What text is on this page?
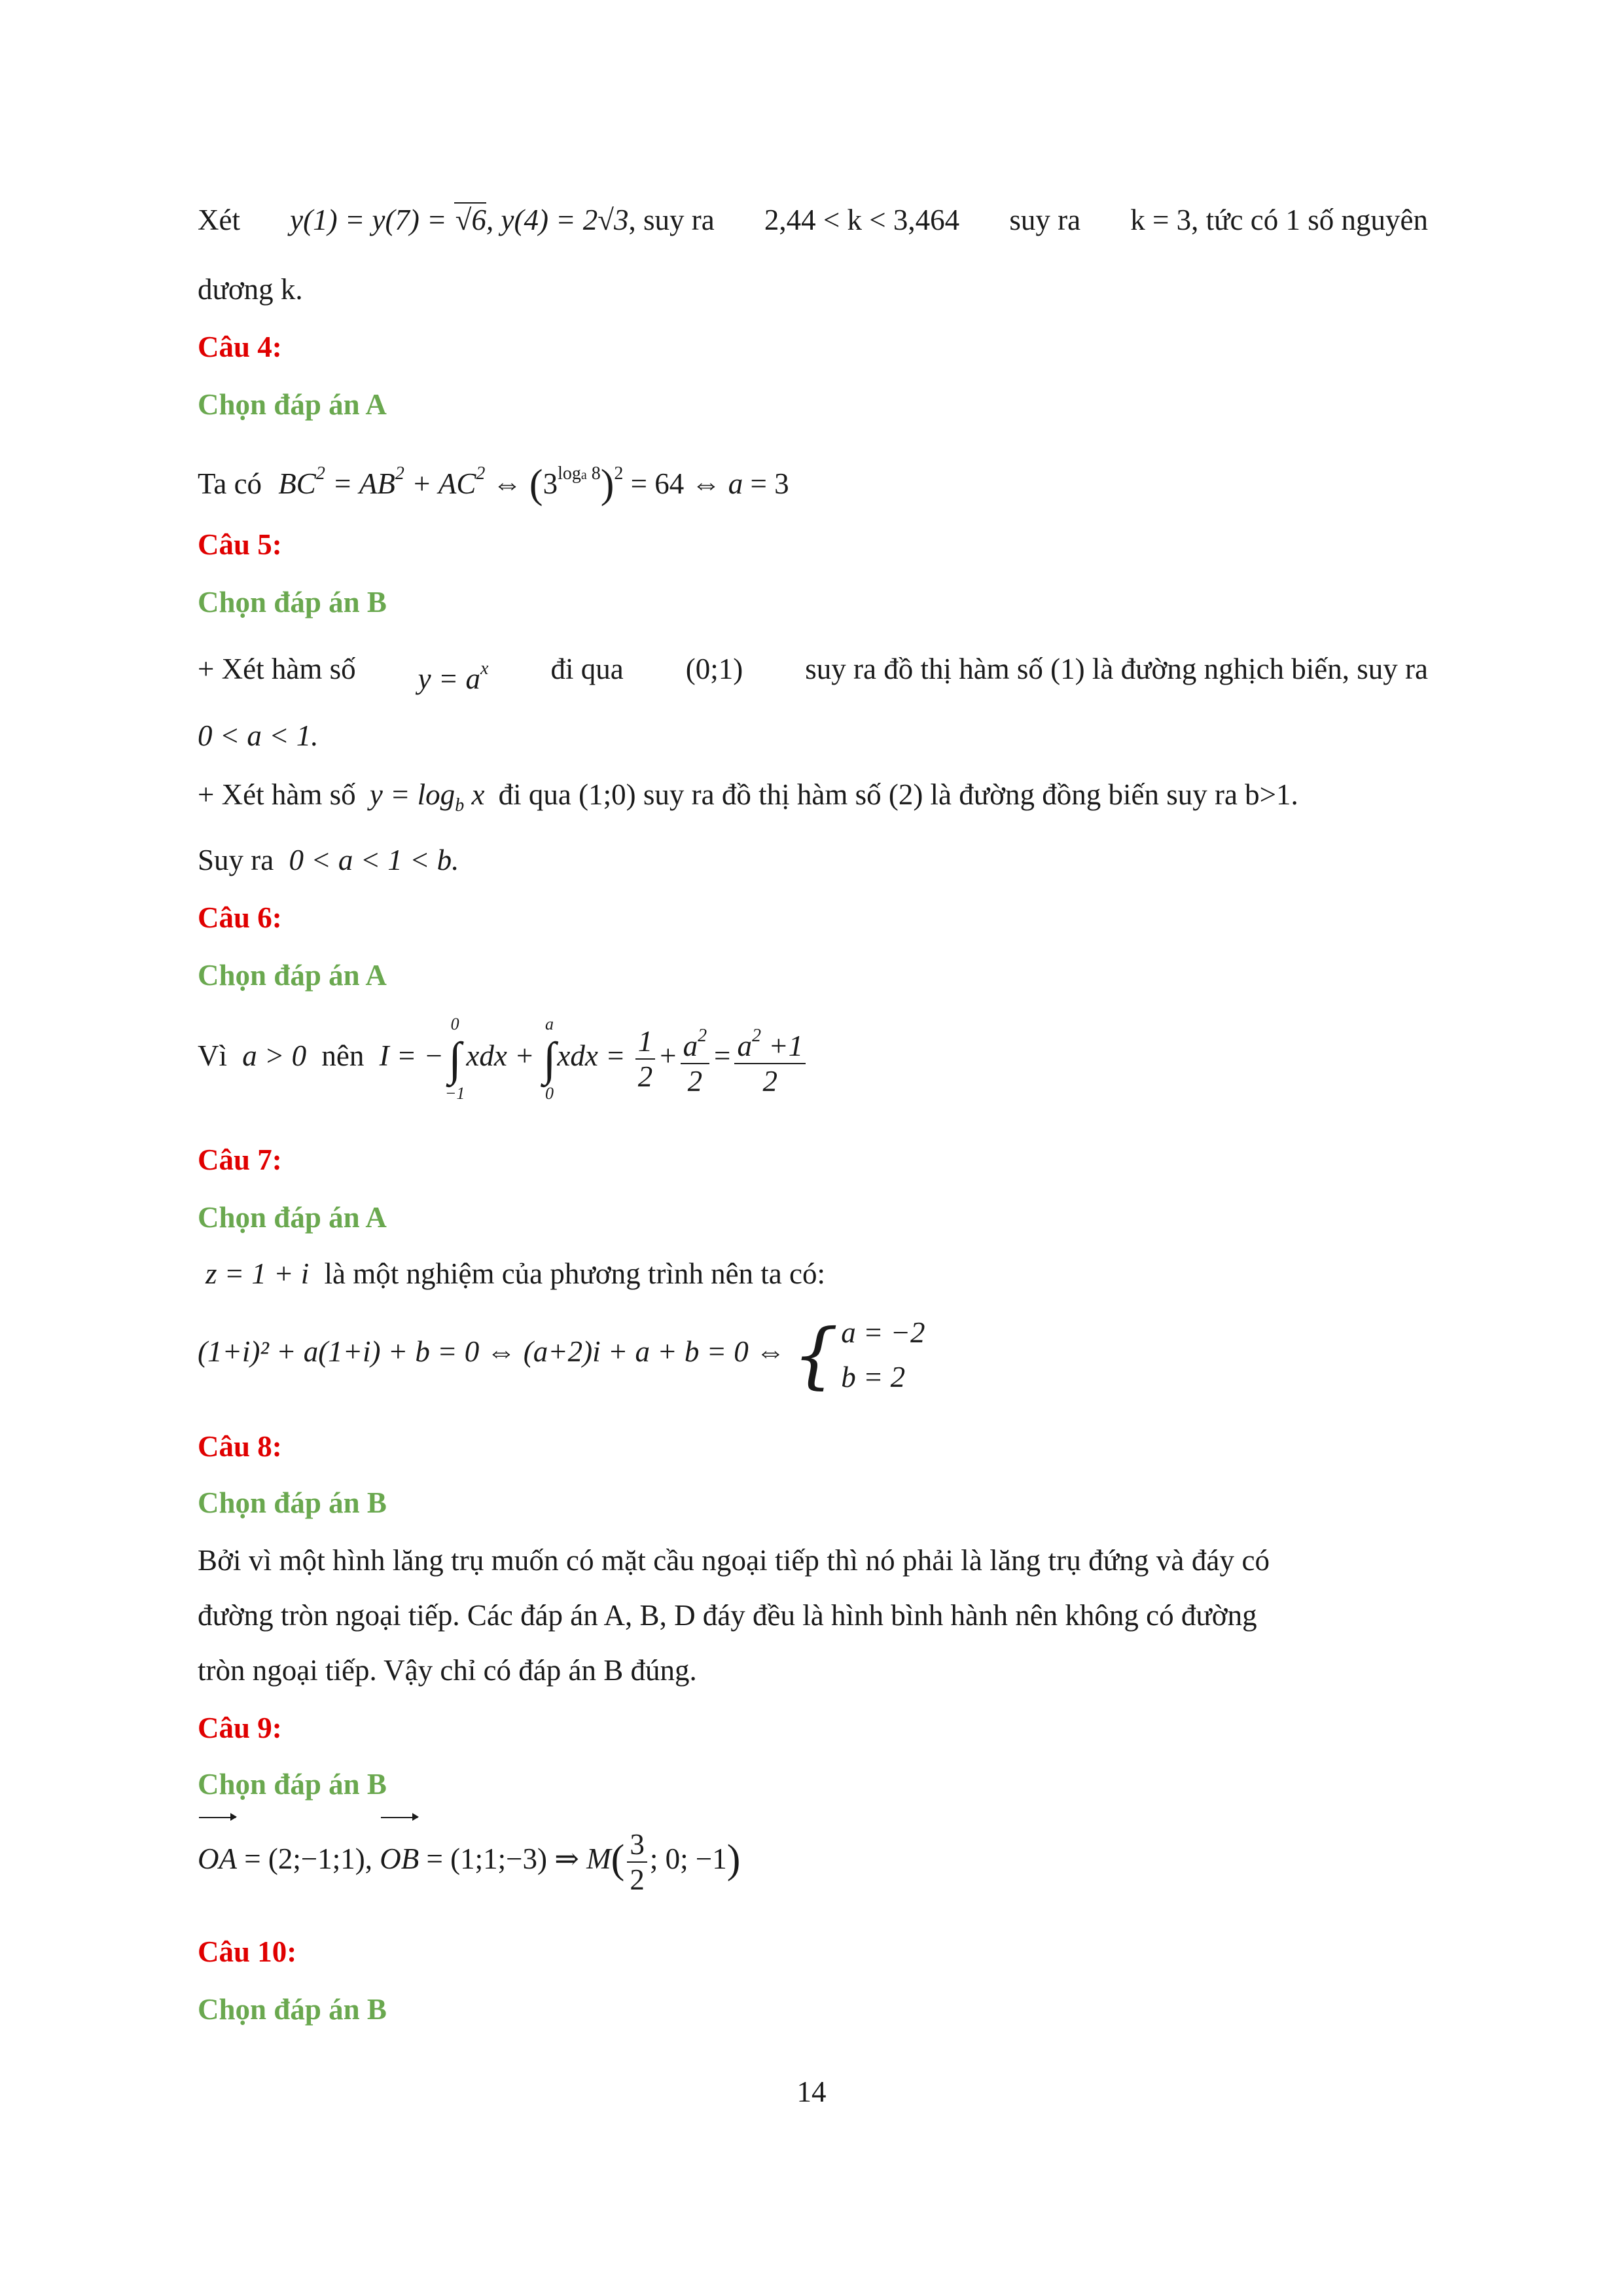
Xét y(1) = y(7) = √6, y(4) = 2√3, suy ra 2,44 < k < 3,464 suy ra k = 3, tức có 1 số nguyên
dương k.
Câu 4:
Chọn đáp án A
Ta có $BC^2 = AB^2 + AC^2$ ⇔ $(3^{loga 8})^2 = 64$ ⇔ a = 3
Câu 5:
Chọn đáp án B
+ Xét hàm số $y = a^x$ đi qua (0;1) suy ra đồ thị hàm số (1) là đường nghịch biến, suy ra
0 < a < 1.
+ Xét hàm số $y = \log_b x$ đi qua (1;0) suy ra đồ thị hàm số (2) là đường đồng biến suy ra b>1.
Suy ra 0 < a < 1 < b.
Câu 6:
Chọn đáp án A
Vì a > 0 nên I = −
0
∫
−1
xdx +
a
∫
0
xdx = $\frac{1}{2} + \frac{a^2}{2} = \frac{a^2 +1}{2}$
Câu 7:
Chọn đáp án A
z = 1 + i là một nghiệm của phương trình nên ta có:
(1+i)² + a(1+i) + b = 0 ⇔ (a+2)i + a + b = 0 ⇔ { a = −2
b = 2
Câu 8:
Chọn đáp án B
Bởi vì một hình lăng trụ muốn có mặt cầu ngoại tiếp thì nó phải là lăng trụ đứng và đáy có
đường tròn ngoại tiếp. Các đáp án A, B, D đáy đều là hình bình hành nên không có đường
tròn ngoại tiếp. Vậy chỉ có đáp án B đúng.
Câu 9:
Chọn đáp án B
OA = (2;−1;1), OB = (1;1;−3) ⇒ $M( \frac{3}{2}$ ; 0; −1)
Câu 10:
Chọn đáp án B
14
